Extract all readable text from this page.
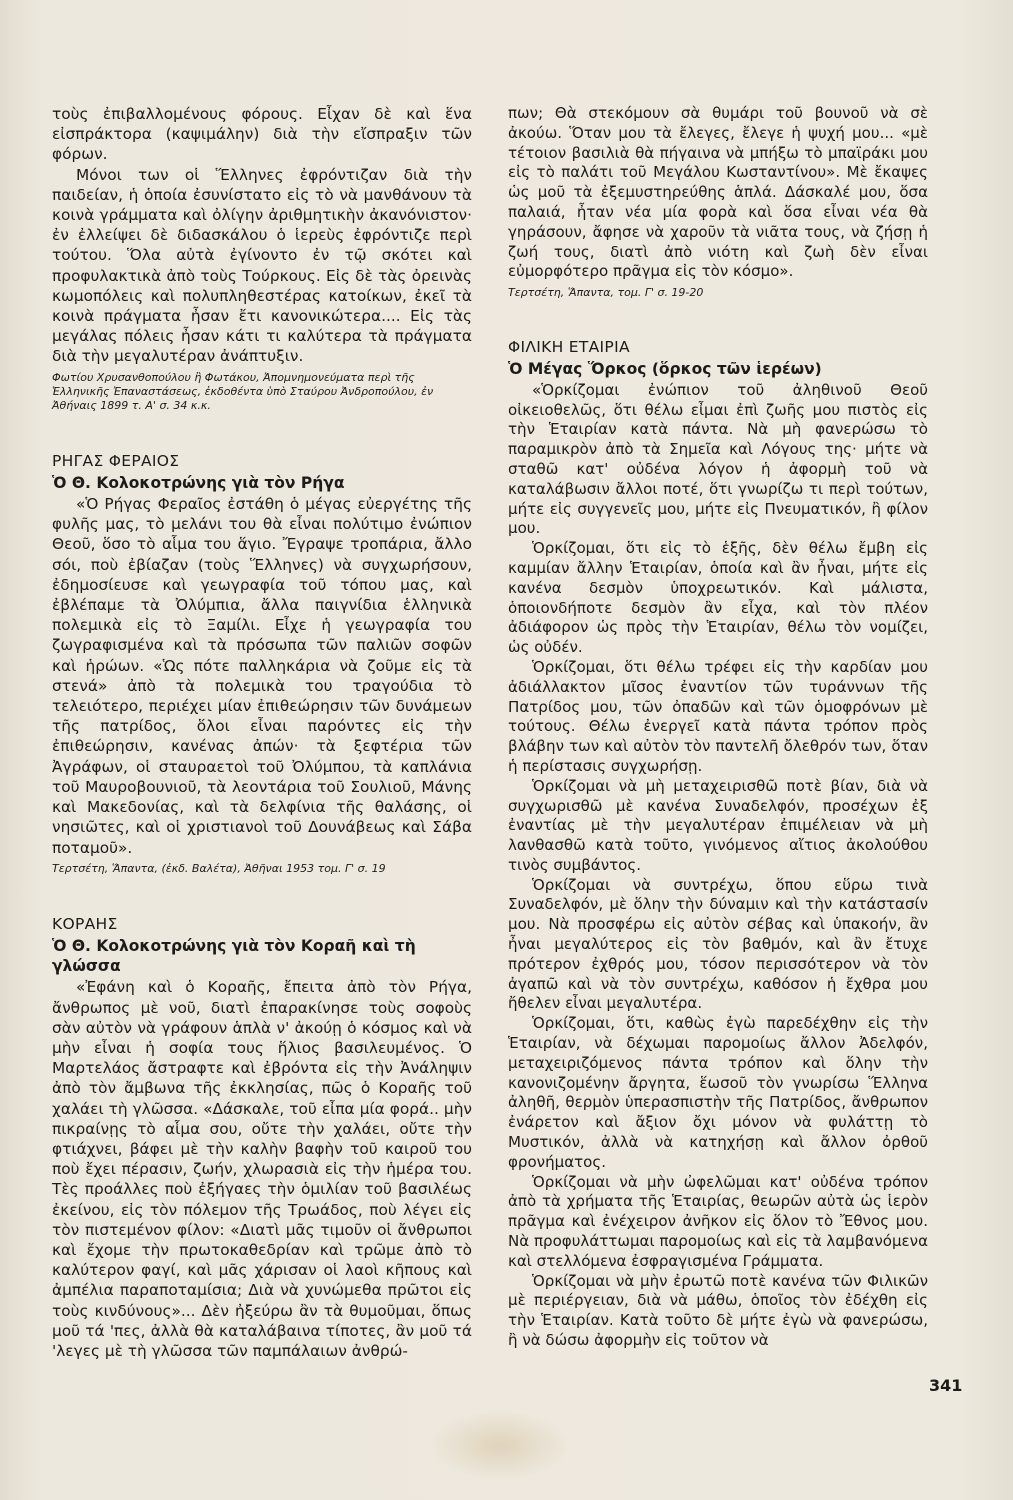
τοὺς ἐπιβαλλομένους φόρους. Εἶχαν δὲ καὶ ἕνα εἰσπράκτορα (καψιμάλην) διὰ τὴν εἴσπραξιν τῶν φόρων.

Μόνοι των οἱ Ἕλληνες ἐφρόντιζαν διὰ τὴν παιδείαν, ἡ ὁποία ἐσυνίστατο εἰς τὸ νὰ μανθάνουν τὰ κοινὰ γράμματα καὶ ὀλίγην ἀριθμητικὴν ἀκανόνιστον· ἐν ἐλλείψει δὲ διδασκάλου ὁ ἱερεὺς ἐφρόντιζε περὶ τούτου. Ὅλα αὐτὰ ἐγίνοντο ἐν τῷ σκότει καὶ προφυλακτικὰ ἀπὸ τοὺς Τούρκους. Εἰς δὲ τὰς ὀρεινὰς κωμοπόλεις καὶ πολυπληθεστέρας κατοίκων, ἐκεῖ τὰ κοινὰ πράγματα ἦσαν ἔτι κανονικώτερα.... Εἰς τὰς μεγάλας πόλεις ἦσαν κάτι τι καλύτερα τὰ πράγματα διὰ τὴν μεγαλυτέραν ἀνάπτυξιν.

Φωτίου Χρυσανθοπούλου ἢ Φωτάκου, Ἀπομνημονεύματα περὶ τῆς Ἑλληνικῆς Ἐπαναστάσεως, ἐκδοθέντα ὑπὸ Σταύρου Ἀνδροπούλου, ἐν Ἀθήναις 1899 τ. Α' σ. 34 κ.κ.

ΡΗΓΑΣ ΦΕΡΑΙΟΣ
Ὁ Θ. Κολοκοτρώνης γιὰ τὸν Ρήγα

«Ὁ Ρήγας Φεραῖος ἐστάθη ὁ μέγας εὐεργέτης τῆς φυλῆς μας, τὸ μελάνι του θὰ εἶναι πολύτιμο ἐνώπιον Θεοῦ, ὅσο τὸ αἷμα του ἅγιο. Ἔγραψε τροπάρια, ἄλλο σόι, ποὺ ἐβίαζαν (τοὺς Ἕλληνες) νὰ συγχωρήσουν, ἐδημοσίευσε καὶ γεωγραφία τοῦ τόπου μας, καὶ ἐβλέπαμε τὰ Ὀλύμπια, ἄλλα παιγνίδια ἑλληνικὰ πολεμικὰ εἰς τὸ Ξαμίλι. Εἶχε ἡ γεωγραφία του ζωγραφισμένα καὶ τὰ πρόσωπα τῶν παλιῶν σοφῶν καὶ ἡρώων. «Ὡς πότε παλληκάρια νὰ ζοῦμε εἰς τὰ στενά» ἀπὸ τὰ πολεμικὰ του τραγούδια τὸ τελειότερο, περιέχει μίαν ἐπιθεώρησιν τῶν δυνάμεων τῆς πατρίδος, ὅλοι εἶναι παρόντες εἰς τὴν ἐπιθεώρησιν, κανένας ἀπών· τὰ ξεφτέρια τῶν Ἀγράφων, οἱ σταυραετοὶ τοῦ Ὀλύμπου, τὰ καπλάνια τοῦ Μαυροβουνιοῦ, τὰ λεοντάρια τοῦ Σουλιοῦ, Μάνης καὶ Μακεδονίας, καὶ τὰ δελφίνια τῆς θαλάσης, οἱ νησιῶτες, καὶ οἱ χριστιανοὶ τοῦ Δουνάβεως καὶ Σάβα ποταμοῦ».

Τερτσέτη, Ἅπαντα, (ἐκδ. Βαλέτα), Ἀθῆναι 1953 τομ. Γ' σ. 19

ΚΟΡΑΗΣ
Ὁ Θ. Κολοκοτρώνης γιὰ τὸν Κοραῆ καὶ τὴ γλώσσα

«Ἐφάνη καὶ ὁ Κοραῆς, ἔπειτα ἀπὸ τὸν Ρήγα, ἄνθρωπος μὲ νοῦ, διατὶ ἐπαρακίνησε τοὺς σοφοὺς σὰν αὐτὸν νὰ γράφουν ἁπλὰ ν' ἀκούῃ ὁ κόσμος καὶ νὰ μὴν εἶναι ἡ σοφία τους ἥλιος βασιλευμένος. Ὁ Μαρτελάος ἄστραφτε καὶ ἐβρόντα εἰς τὴν Ἀνάληψιν ἀπὸ τὸν ἄμβωνα τῆς ἐκκλησίας, πῶς ὁ Κοραῆς τοῦ χαλάει τὴ γλῶσσα. «Δάσκαλε, τοῦ εἶπα μία φορά.. μὴν πικραίνῃς τὸ αἷμα σου, οὔτε τὴν χαλάει, οὔτε τὴν φτιάχνει, βάφει μὲ τὴν καλὴν βαφὴν τοῦ καιροῦ του ποὺ ἔχει πέρασιν, ζωήν, χλωρασιὰ εἰς τὴν ἡμέρα του. Τὲς προάλλες ποὺ ἐξήγαες τὴν ὁμιλίαν τοῦ βασιλέως ἐκείνου, εἰς τὸν πόλεμον τῆς Τρωάδος, ποὺ λέγει εἰς τὸν πιστεμένον φίλον: «Διατὶ μᾶς τιμοῦν οἱ ἄνθρωποι καὶ ἔχομε τὴν πρωτοκαθεδρίαν καὶ τρῶμε ἀπὸ τὸ καλύτερον φαγί, καὶ μᾶς χάρισαν οἱ λαοὶ κῆπους καὶ ἀμπέλια παραποταμίσια; Διὰ νὰ χυνώμεθα πρῶτοι εἰς τοὺς κινδύνους»... Δὲν ἠξεύρω ἂν τὰ θυμοῦμαι, ὅπως μοῦ τά 'πες, ἀλλὰ θὰ καταλάβαινα τίποτες, ἂν μοῦ τά 'λεγες μὲ τὴ γλῶσσα τῶν παμπάλαιων ἀνθρώ-

πων; Θὰ στεκόμουν σὰ θυμάρι τοῦ βουνοῦ νὰ σὲ ἀκούω. Ὅταν μου τὰ ἔλεγες, ἔλεγε ἡ ψυχή μου... «μὲ τέτοιον βασιλιὰ θὰ πήγαινα νὰ μπήξω τὸ μπαϊράκι μου εἰς τὸ παλάτι τοῦ Μεγάλου Κωσταντίνου». Μὲ ἔκαψες ὡς μοῦ τὰ ἐξεμυστηρεύθης ἁπλά. Δάσκαλέ μου, ὅσα παλαιά, ἦταν νέα μία φορὰ καὶ ὅσα εἶναι νέα θὰ γηράσουν, ἄφησε νὰ χαροῦν τὰ νιᾶτα τους, νὰ ζήσῃ ἡ ζωή τους, διατὶ ἀπὸ νιότη καὶ ζωὴ δὲν εἶναι εὐμορφότερο πρᾶγμα εἰς τὸν κόσμο».

Τερτσέτη, Ἅπαντα, τομ. Γ' σ. 19-20

ΦΙΛΙΚΗ ΕΤΑΙΡΙΑ
Ὁ Μέγας Ὅρκος (ὅρκος τῶν ἱερέων)

«Ὁρκίζομαι ἐνώπιον τοῦ ἀληθινοῦ Θεοῦ οἰκειοθελῶς, ὅτι θέλω εἶμαι ἐπὶ ζωῆς μου πιστὸς εἰς τὴν Ἑταιρίαν κατὰ πάντα. Νὰ μὴ φανερώσω τὸ παραμικρὸν ἀπὸ τὰ Σημεῖα καὶ Λόγους της· μήτε νὰ σταθῶ κατ' οὐδένα λόγον ἡ ἀφορμὴ τοῦ νὰ καταλάβωσιν ἄλλοι ποτέ, ὅτι γνωρίζω τι περὶ τούτων, μήτε εἰς συγγενεῖς μου, μήτε εἰς Πνευματικόν, ἢ φίλον μου.

Ὁρκίζομαι, ὅτι εἰς τὸ ἑξῆς, δὲν θέλω ἔμβη εἰς καμμίαν ἄλλην Ἑταιρίαν, ὁποία καὶ ἂν ἦναι, μήτε εἰς κανένα δεσμὸν ὑποχρεωτικόν. Καὶ μάλιστα, ὁποιονδήποτε δεσμὸν ἂν εἶχα, καὶ τὸν πλέον ἀδιάφορον ὡς πρὸς τὴν Ἑταιρίαν, θέλω τὸν νομίζει, ὡς οὐδέν.

Ὁρκίζομαι, ὅτι θέλω τρέφει εἰς τὴν καρδίαν μου ἀδιάλλακτον μῖσος ἐναντίον τῶν τυράννων τῆς Πατρίδος μου, τῶν ὀπαδῶν καὶ τῶν ὁμοφρόνων μὲ τούτους. Θέλω ἐνεργεῖ κατὰ πάντα τρόπον πρὸς βλάβην των καὶ αὐτὸν τὸν παντελῆ ὄλεθρόν των, ὅταν ἡ περίστασις συγχωρήσῃ.

Ὁρκίζομαι νὰ μὴ μεταχειρισθῶ ποτὲ βίαν, διὰ νὰ συγχωρισθῶ μὲ κανένα Συναδελφόν, προσέχων ἐξ ἐναντίας μὲ τὴν μεγαλυτέραν ἐπιμέλειαν νὰ μὴ λανθασθῶ κατὰ τοῦτο, γινόμενος αἴτιος ἀκολούθου τινὸς συμβάντος.

Ὁρκίζομαι νὰ συντρέχω, ὅπου εὕρω τινὰ Συναδελφόν, μὲ ὅλην τὴν δύναμιν καὶ τὴν κατάστασίν μου. Νὰ προσφέρω εἰς αὐτὸν σέβας καὶ ὑπακοήν, ἂν ἦναι μεγαλύτερος εἰς τὸν βαθμόν, καὶ ἂν ἔτυχε πρότερον ἐχθρός μου, τόσον περισσότερον νὰ τὸν ἀγαπῶ καὶ νὰ τὸν συντρέχω, καθόσον ἡ ἔχθρα μου ἤθελεν εἶναι μεγαλυτέρα.

Ὁρκίζομαι, ὅτι, καθὼς ἐγὼ παρεδέχθην εἰς τὴν Ἑταιρίαν, νὰ δέχωμαι παρομοίως ἄλλον Ἀδελφόν, μεταχειριζόμενος πάντα τρόπον καὶ ὅλην τὴν κανονιζομένην ἄργητα, ἕωσοῦ τὸν γνωρίσω Ἕλληνα ἀληθῆ, θερμὸν ὑπερασπιστὴν τῆς Πατρίδος, ἄνθρωπον ἐνάρετον καὶ ἄξιον ὄχι μόνον νὰ φυλάττῃ τὸ Μυστικόν, ἀλλὰ νὰ κατηχήσῃ καὶ ἄλλον ὀρθοῦ φρονήματος.

Ὁρκίζομαι νὰ μὴν ὠφελῶμαι κατ' οὐδένα τρόπον ἀπὸ τὰ χρήματα τῆς Ἑταιρίας, θεωρῶν αὐτὰ ὡς ἱερὸν πρᾶγμα καὶ ἐνέχειρον ἀνῆκον εἰς ὅλον τὸ Ἔθνος μου. Νὰ προφυλάττωμαι παρομοίως καὶ εἰς τὰ λαμβανόμενα καὶ στελλόμενα ἐσφραγισμένα Γράμματα.

Ὁρκίζομαι νὰ μὴν ἐρωτῶ ποτὲ κανένα τῶν Φιλικῶν μὲ περιέργειαν, διὰ νὰ μάθω, ὁποῖος τὸν ἐδέχθη εἰς τὴν Ἑταιρίαν. Κατὰ τοῦτο δὲ μήτε ἐγὼ νὰ φανερώσω, ἢ νὰ δώσω ἀφορμὴν εἰς τοῦτον νὰ

341
